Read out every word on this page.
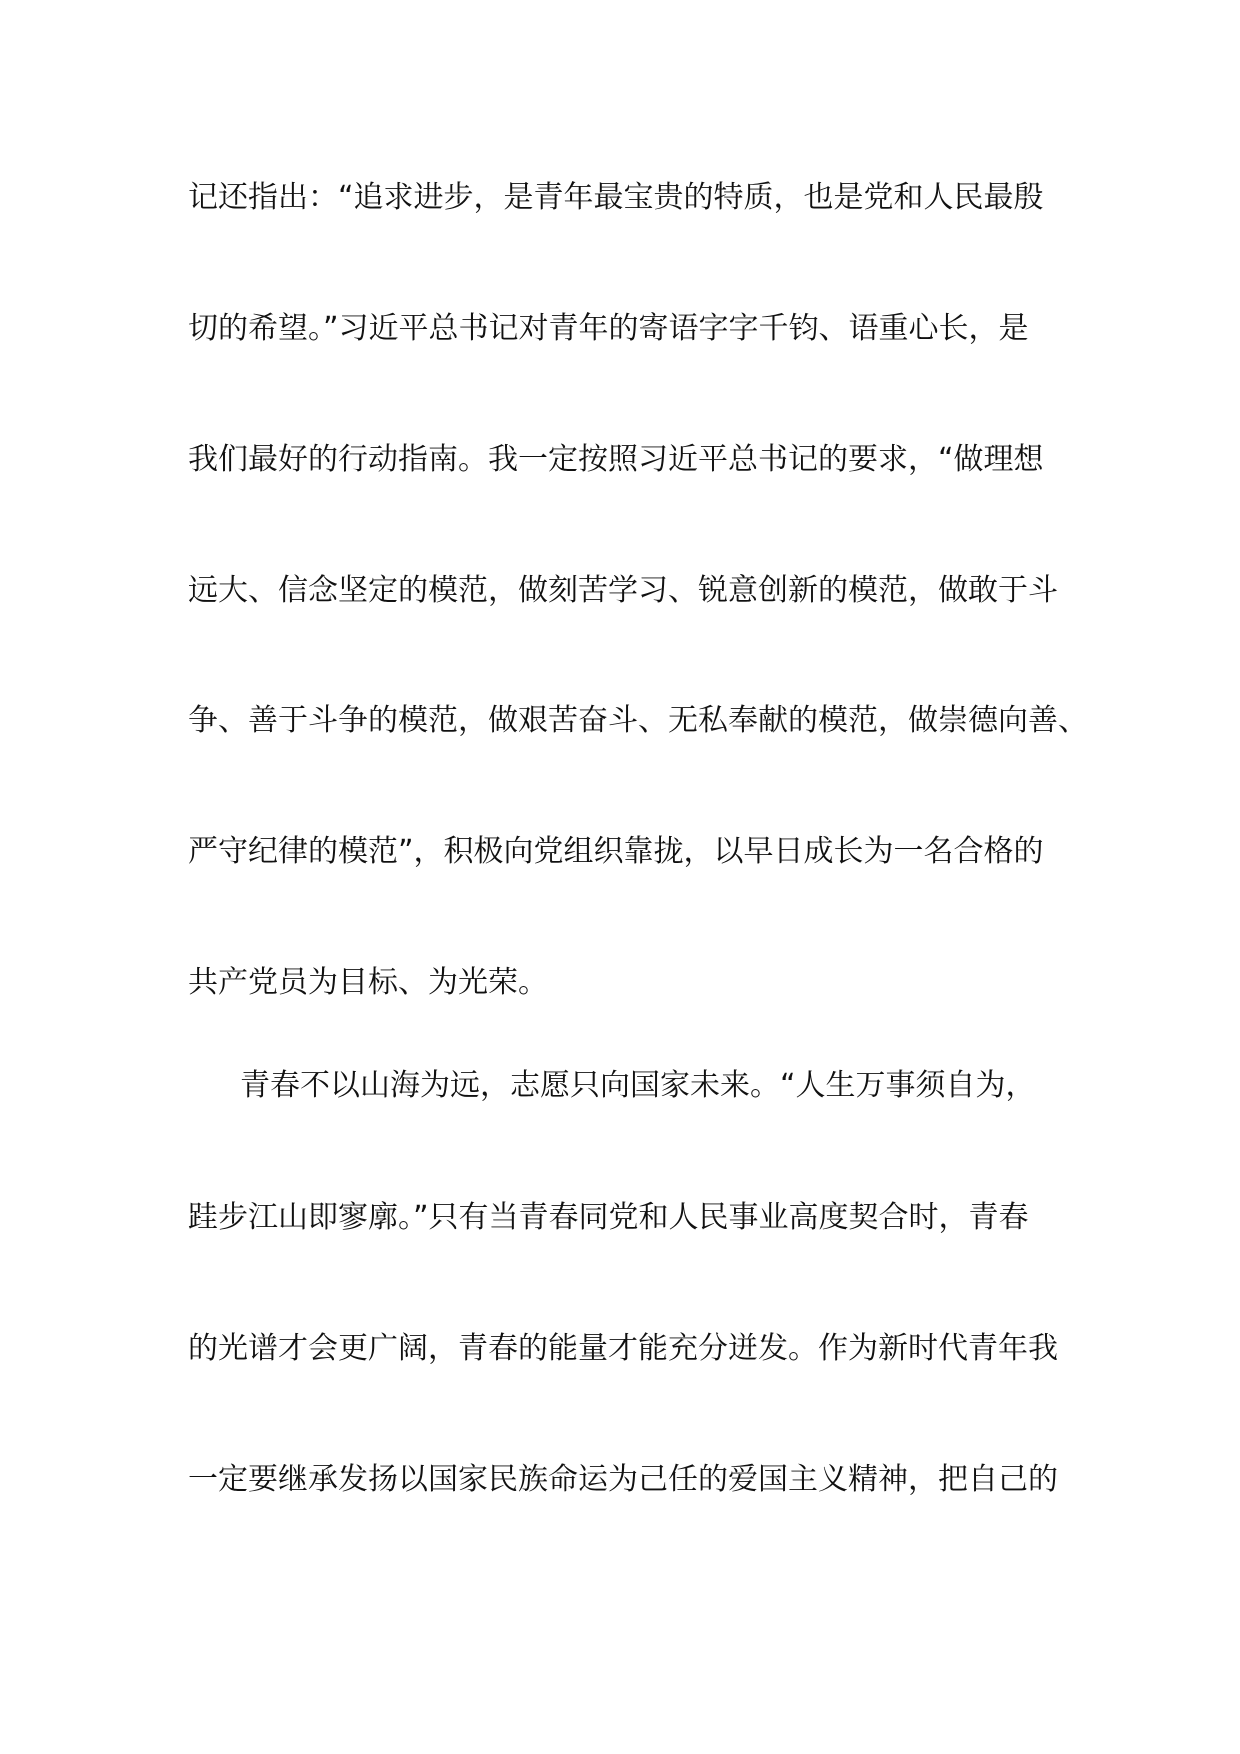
记还指出：“追求进步，是青年最宝贵的特质，也是党和人民最殷
切的希望。”习近平总书记对青年的寄语字字千钧、语重心长，是
我们最好的行动指南。我一定按照习近平总书记的要求，“做理想
远大、信念坚定的模范，做刻苦学习、锐意创新的模范，做敢于斗
争、善于斗争的模范，做艰苦奋斗、无私奉献的模范，做崇德向善、
严守纪律的模范”，积极向党组织靠拢，以早日成长为一名合格的
共产党员为目标、为光荣。
青春不以山海为远，志愿只向国家未来。“人生万事须自为，
跬步江山即寥廓。”只有当青春同党和人民事业高度契合时，青春
的光谱才会更广阔，青春的能量才能充分迸发。作为新时代青年我
一定要继承发扬以国家民族命运为己任的爱国主义精神，把自己的
